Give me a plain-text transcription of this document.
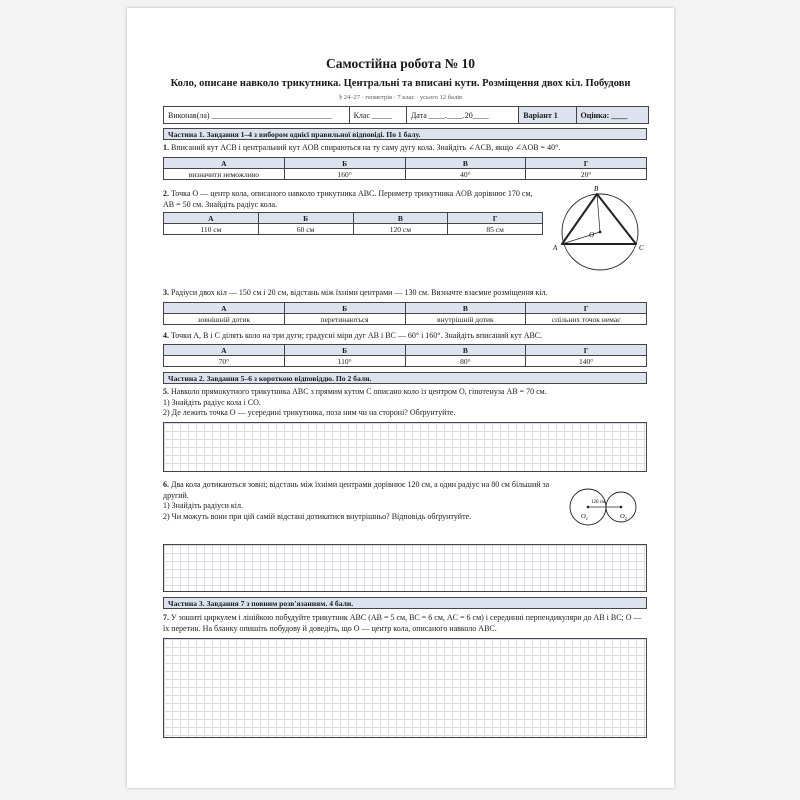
Самостійна робота № 10
Коло, описане навколо трикутника. Центральні та вписані кути. Розміщення двох кіл. Побудови
§ 24–27 · геометрія · 7 клас · усього 12 балів
Виконав(ла) ______________________________	Клас _____	Дата ____.____.20____	Варіант 1	Оцінка: ____
Частина 1. Завдання 1–4 з вибором однієї правильної відповіді. По 1 балу.
1. Вписаний кут ACB і центральний кут AOB спираються на ту саму дугу кола. Знайдіть ∠ACB, якщо ∠AOB = 40°.
А	Б	В	Г
визначити неможливо	160°	40°	20°
2. Точка O — центр кола, описаного навколо трикутника ABC. Периметр трикутника AOB дорівнює 170 см, AB = 50 см. Знайдіть радіус кола.
А	Б	В	Г
110 см	60 см	120 см	85 см
B
A	C
O
3. Радіуси двох кіл — 150 см і 20 см, відстань між їхніми центрами — 130 см. Визначте взаємне розміщення кіл.
А	Б	В	Г
зовнішній дотик	перетинаються	внутрішній дотик	спільних точок немає
4. Точки A, B і C ділять коло на три дуги; градусні міри дуг AB і BC — 60° і 160°. Знайдіть вписаний кут ABC.
А	Б	В	Г
70°	110°	80°	140°
Частина 2. Завдання 5–6 з короткою відповіддю. По 2 бали.
5. Навколо прямокутного трикутника ABC з прямим кутом C описано коло із центром O, гіпотенуза AB = 70 см.
1) Знайдіть радіус кола і CO.
2) Де лежить точка O — усередині трикутника, поза ним чи на стороні? Обґрунтуйте.
6. Два кола дотикаються зовні; відстань між їхніми центрами дорівнює 120 см, а один радіус на 80 см більший за другий.
1) Знайдіть радіуси кіл.
2) Чи можуть вони при цій самій відстані дотикатися внутрішньо? Відповідь обґрунтуйте.
120 см
$O_1$	$O_2$
Частина 3. Завдання 7 з повним розв'язанням. 4 бали.
7. У зошиті циркулем і лінійкою побудуйте трикутник ABC (AB = 5 см, BC = 6 см, AC = 6 см) і серединні перпендикуляри до AB і BC; O — їх перетин. На бланку опишіть побудову й доведіть, що O — центр кола, описаного навколо ABC.
